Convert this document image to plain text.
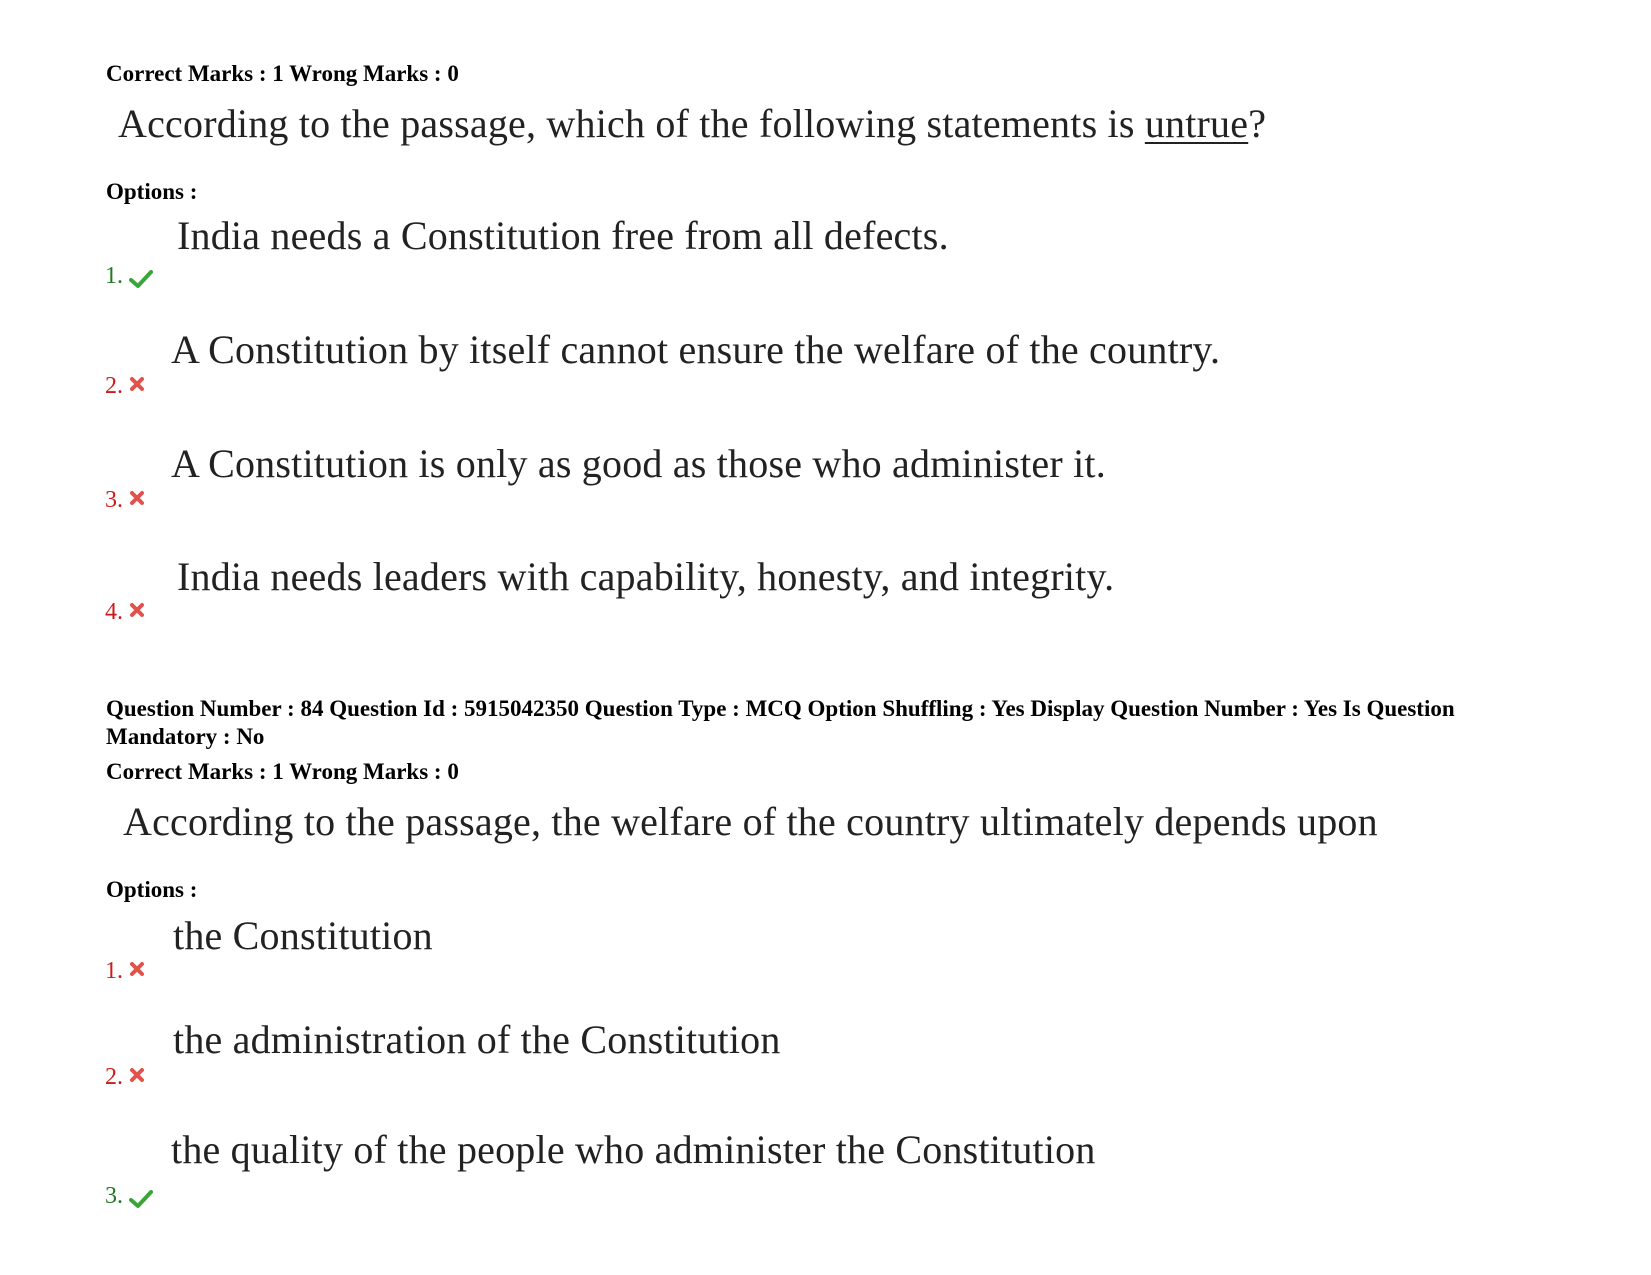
Correct Marks : 1 Wrong Marks : 0
According to the passage, which of the following statements is untrue?
Options :
India needs a Constitution free from all defects.
1.
A Constitution by itself cannot ensure the welfare of the country.
2.
A Constitution is only as good as those who administer it.
3.
India needs leaders with capability, honesty, and integrity.
4.
Question Number : 84 Question Id : 5915042350 Question Type : MCQ Option Shuffling : Yes Display Question Number : Yes Is Question Mandatory : No
Correct Marks : 1 Wrong Marks : 0
According to the passage, the welfare of the country ultimately depends upon
Options :
the Constitution
1.
the administration of the Constitution
2.
the quality of the people who administer the Constitution
3.
